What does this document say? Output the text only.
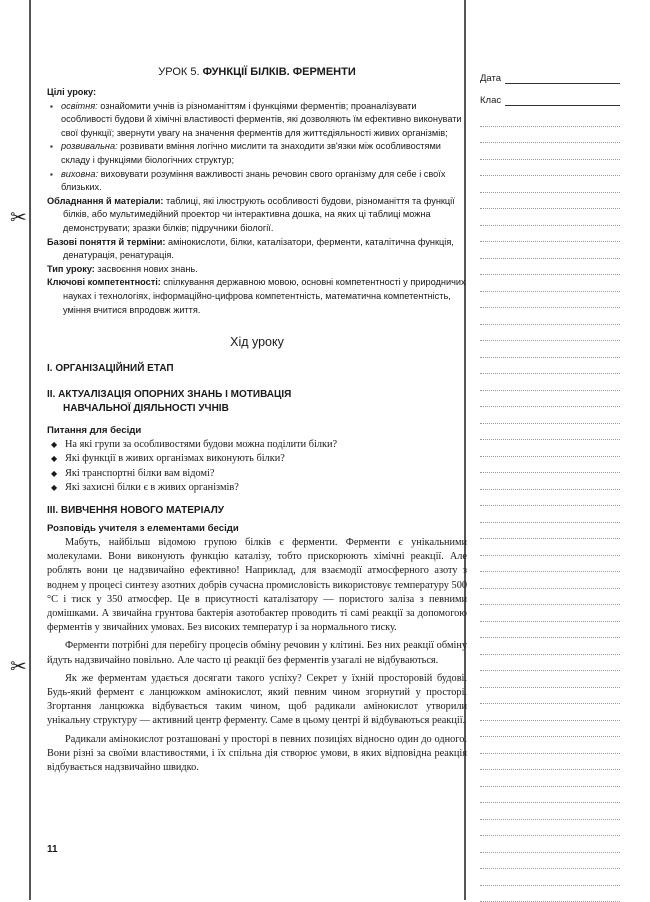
✂
✂
УРОК 5. ФУНКЦІЇ БІЛКІВ. ФЕРМЕНТИ
Цілі уроку:
▪ освітня: ознайомити учнів із різноманіттям і функціями ферментів; проаналізувати особливості будови й хімічні властивості ферментів, які дозволяють їм ефективно виконувати свої функції; звернути увагу на значення ферментів для життєдіяльності живих організмів;
▪ розвивальна: розвивати вміння логічно мислити та знаходити зв'язки між особливостями складу і функціями біологічних структур;
▪ виховна: виховувати розуміння важливості знань речовин свого організму для себе і своїх близьких.
Обладнання й матеріали: таблиці, які ілюструють особливості будови, різноманіття та функції білків, або мультимедійний проектор чи інтерактивна дошка, на яких ці таблиці можна демонструвати; зразки білків; підручники біології.
Базові поняття й терміни: амінокислоти, білки, каталізатори, ферменти, каталітична функція, денатурація, ренатурація.
Тип уроку: засвоєння нових знань.
Ключові компетентності: спілкування державною мовою, основні компетентності у природничих науках і технологіях, інформаційно-цифрова компетентність, математична компетентність, уміння вчитися впродовж життя.
Хід уроку
I. ОРГАНІЗАЦІЙНИЙ ЕТАП
II. АКТУАЛІЗАЦІЯ ОПОРНИХ ЗНАНЬ І МОТИВАЦІЯ
НАВЧАЛЬНОЇ ДІЯЛЬНОСТІ УЧНІВ
Питання для бесіди
◆ На які групи за особливостями будови можна поділити білки?
◆ Які функції в живих організмах виконують білки?
◆ Які транспортні білки вам відомі?
◆ Які захисні білки є в живих організмів?
III. ВИВЧЕННЯ НОВОГО МАТЕРІАЛУ
Розповідь учителя з елементами бесіди

Мабуть, найбільш відомою групою білків є ферменти. Ферменти є унікальними молекулами. Вони виконують функцію каталізу, тобто прискорюють хімічні реакції. Але роблять вони це надзвичайно ефективно! Наприклад, для взаємодії атмосферного азоту з воднем у процесі синтезу азотних добрів сучасна промисловість використовує температуру 500 °С і тиск у 350 атмосфер. Це в присутності каталізатору — пористого заліза з певними домішками. А звичайна грунтова бактерія азотобактер проводить ті самі реакції за допомогою ферментів у звичайних умовах. Без високих температур і за нормального тиску.

Ферменти потрібні для перебігу процесів обміну речовин у клітині. Без них реакції обміну йдуть надзвичайно повільно. Але часто ці реакції без ферментів узагалі не відбуваються.

Як же ферментам удається досягати такого успіху? Секрет у їхній просторовій будові. Будь-який фермент є ланцюжком амінокислот, який певним чином згорнутий у просторі. Згортання ланцюжка відбувається таким чином, щоб радикали амінокислот утворили унікальну структуру — активний центр ферменту. Саме в цьому центрі й відбуваються реакції.

Радикали амінокислот розташовані у просторі в певних позиціях відносно один до одного. Вони різні за своїми властивостями, і їх спільна дія створює умови, в яких відповідна реакція відбувається надзвичайно швидко.

11
Дата
Клас
